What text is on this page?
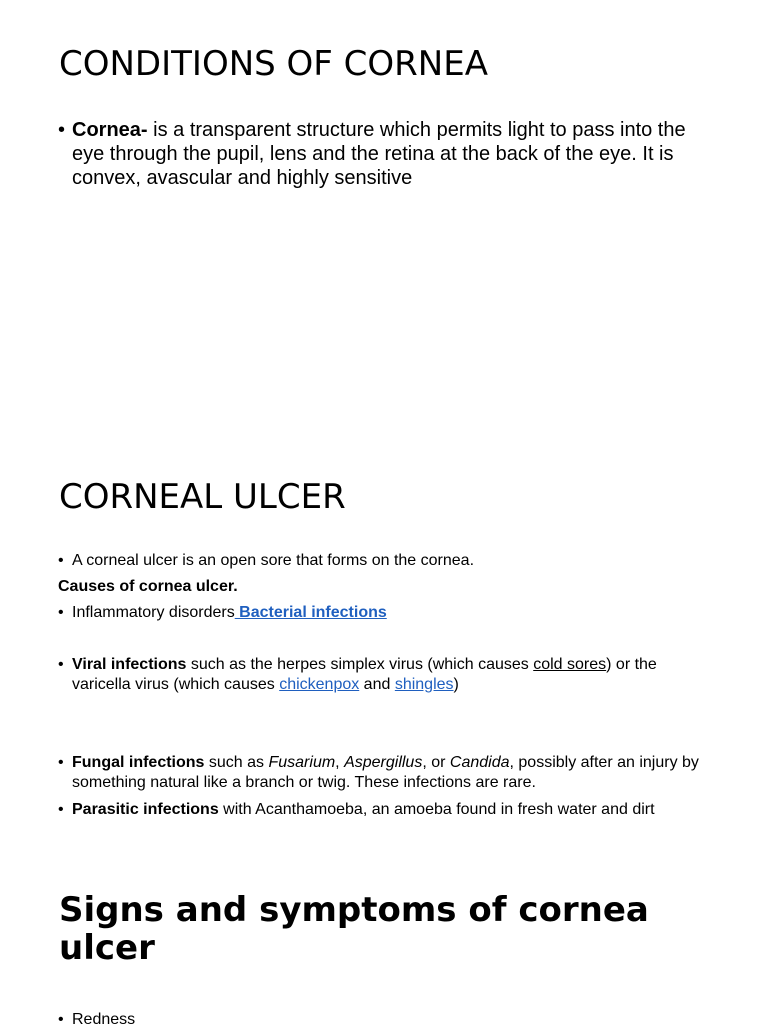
CONDITIONS OF CORNEA
• Cornea- is a transparent structure which permits light to pass into the eye through the pupil, lens and the retina at the back of the eye. It is convex, avascular and highly sensitive
CORNEAL ULCER
• A corneal ulcer is an open sore that forms on the cornea.
Causes of cornea ulcer.
• Inflammatory disorders Bacterial infections
• Viral infections such as the herpes simplex virus (which causes cold sores) or the varicella virus (which causes chickenpox and shingles)
• Fungal infections such as Fusarium, Aspergillus, or Candida, possibly after an injury by something natural like a branch or twig. These infections are rare.
• Parasitic infections with Acanthamoeba, an amoeba found in fresh water and dirt
Signs and symptoms of cornea ulcer
• Redness
